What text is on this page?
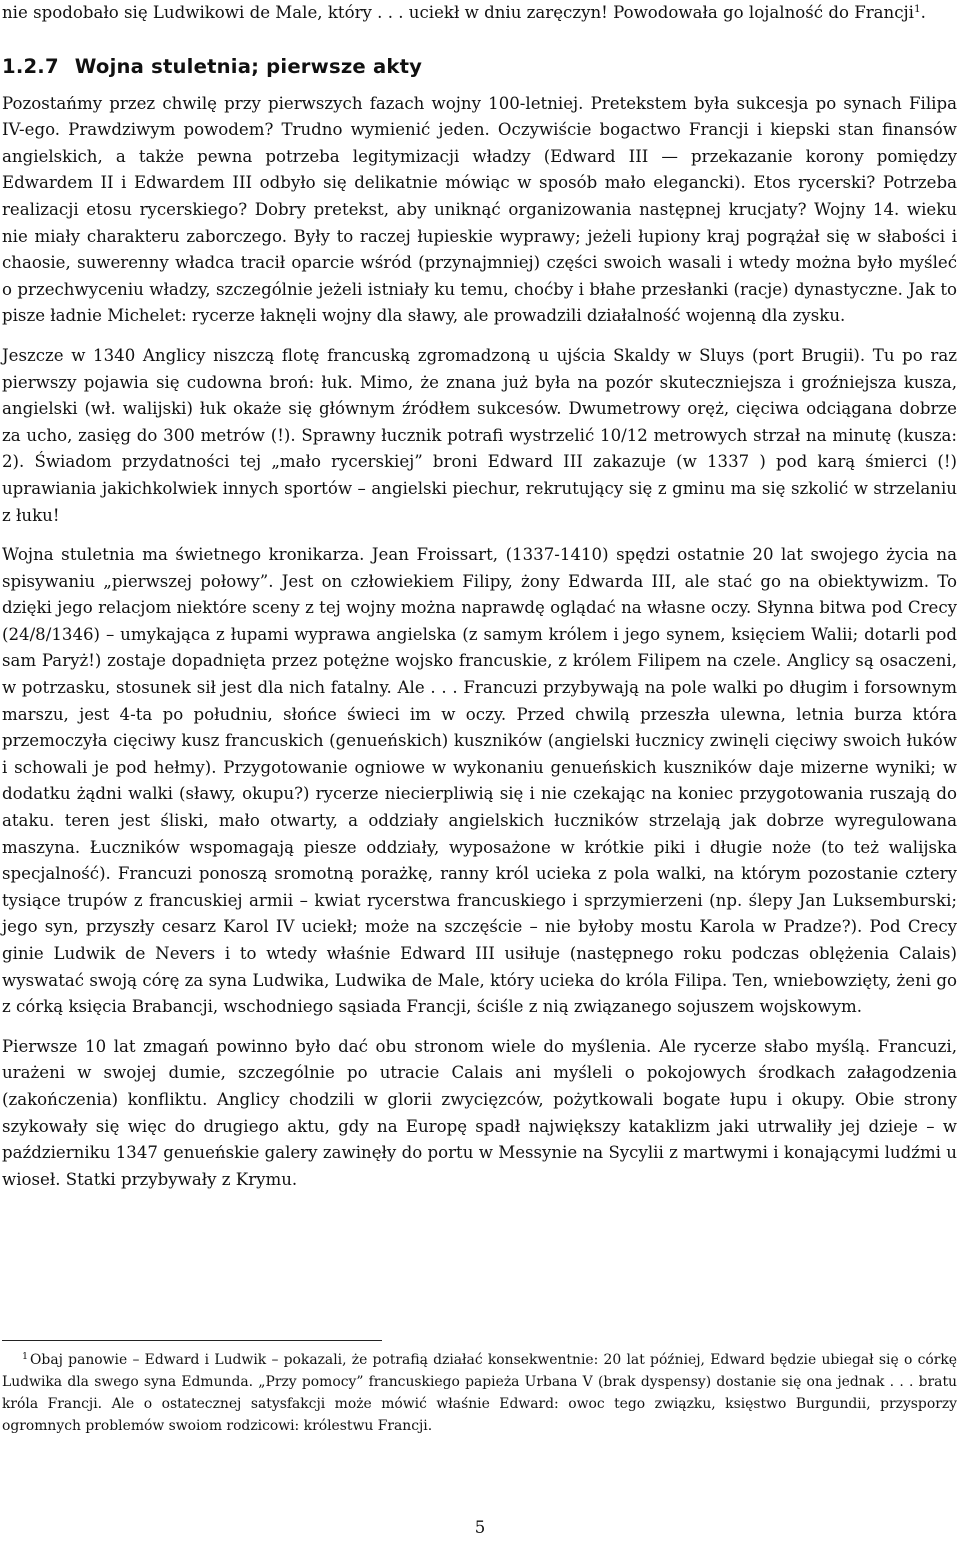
nie spodobało się Ludwikowi de Male, który . . . uciekł w dniu zaręczyn! Powodowała go lojalność do Francji$^1$.

1.2.7 Wojna stuletnia; pierwsze akty

Pozostańmy przez chwilę przy pierwszych fazach wojny 100-letniej. Pretekstem była sukcesja po synach Filipa IV-ego. Prawdziwym powodem? Trudno wymienić jeden. Oczywiście bogactwo Francji i kiepski stan finansów angielskich, a także pewna potrzeba legitymizacji władzy (Edward III — przekazanie korony pomiędzy Edwardem II i Edwardem III odbyło się delikatnie mówiąc w sposób mało elegancki). Etos rycerski? Potrzeba realizacji etosu rycerskiego? Dobry pretekst, aby uniknąć organizowania następnej krucjaty? Wojny 14. wieku nie miały charakteru zaborczego. Były to raczej łupieskie wyprawy; jeżeli łupiony kraj pogrążał się w słabości i chaosie, suwerenny władca tracił oparcie wśród (przynajmniej) części swoich wasali i wtedy można było myśleć o przechwyceniu władzy, szczególnie jeżeli istniały ku temu, choćby i błahe przesłanki (racje) dynastyczne. Jak to pisze ładnie Michelet: rycerze łaknęli wojny dla sławy, ale prowadzili działalność wojenną dla zysku.

Jeszcze w 1340 Anglicy niszczą flotę francuską zgromadzoną u ujścia Skaldy w Sluys (port Brugii). Tu po raz pierwszy pojawia się cudowna broń: łuk. Mimo, że znana już była na pozór skuteczniejsza i groźniejsza kusza, angielski (wł. walijski) łuk okaże się głównym źródłem sukcesów. Dwumetrowy oręż, cięciwa odciągana dobrze za ucho, zasięg do 300 metrów (!). Sprawny łucznik potrafi wystrzelić 10/12 metrowych strzał na minutę (kusza: 2). Świadom przydatności tej „mało rycerskiej” broni Edward III zakazuje (w 1337 ) pod karą śmierci (!) uprawiania jakichkolwiek innych sportów – angielski piechur, rekrutujący się z gminu ma się szkolić w strzelaniu z łuku!

Wojna stuletnia ma świetnego kronikarza. Jean Froissart, (1337-1410) spędzi ostatnie 20 lat swojego życia na spisywaniu „pierwszej połowy”. Jest on człowiekiem Filipy, żony Edwarda III, ale stać go na obiektywizm. To dzięki jego relacjom niektóre sceny z tej wojny można naprawdę oglądać na własne oczy. Słynna bitwa pod Crecy (24/8/1346) – umykająca z łupami wyprawa angielska (z samym królem i jego synem, księciem Walii; dotarli pod sam Paryż!) zostaje dopadnięta przez potężne wojsko francuskie, z królem Filipem na czele. Anglicy są osaczeni, w potrzasku, stosunek sił jest dla nich fatalny. Ale . . . Francuzi przybywają na pole walki po długim i forsownym marszu, jest 4-ta po południu, słońce świeci im w oczy. Przed chwilą przeszła ulewna, letnia burza która przemoczyła cięciwy kusz francuskich (genueńskich) kuszników (angielski łucznicy zwinęli cięciwy swoich łuków i schowali je pod hełmy). Przygotowanie ogniowe w wykonaniu genueńskich kuszników daje mizerne wyniki; w dodatku żądni walki (sławy, okupu?) rycerze niecierpliwią się i nie czekając na koniec przygotowania ruszają do ataku. teren jest śliski, mało otwarty, a oddziały angielskich łuczników strzelają jak dobrze wyregulowana maszyna. Łuczników wspomagają piesze oddziały, wyposażone w krótkie piki i długie noże (to też walijska specjalność). Francuzi ponoszą sromotną porażkę, ranny król ucieka z pola walki, na którym pozostanie cztery tysiące trupów z francuskiej armii – kwiat rycerstwa francuskiego i sprzymierzeni (np. ślepy Jan Luksemburski; jego syn, przyszły cesarz Karol IV uciekł; może na szczęście – nie byłoby mostu Karola w Pradze?). Pod Crecy ginie Ludwik de Nevers i to wtedy właśnie Edward III usiłuje (następnego roku podczas oblężenia Calais) wyswatać swoją córę za syna Ludwika, Ludwika de Male, który ucieka do króla Filipa. Ten, wniebowzięty, żeni go z córką księcia Brabancji, wschodniego sąsiada Francji, ściśle z nią związanego sojuszem wojskowym.

Pierwsze 10 lat zmagań powinno było dać obu stronom wiele do myślenia. Ale rycerze słabo myślą. Francuzi, urażeni w swojej dumie, szczególnie po utracie Calais ani myśleli o pokojowych środkach załagodzenia (zakończenia) konfliktu. Anglicy chodzili w glorii zwycięzców, pożytkowali bogate łupu i okupy. Obie strony szykowały się więc do drugiego aktu, gdy na Europę spadł największy kataklizm jaki utrwaliły jej dzieje – w październiku 1347 genueńskie galery zawinęły do portu w Messynie na Sycylii z martwymi i konającymi ludźmi u wioseł. Statki przybywały z Krymu.

$^1$ Obaj panowie – Edward i Ludwik – pokazali, że potrafią działać konsekwentnie: 20 lat później, Edward będzie ubiegał się o córkę Ludwika dla swego syna Edmunda. „Przy pomocy” francuskiego papieża Urbana V (brak dyspensy) dostanie się ona jednak . . . bratu króla Francji. Ale o ostatecznej satysfakcji może mówić właśnie Edward: owoc tego związku, księstwo Burgundii, przysporzy ogromnych problemów swoiom rodzicowi: królestwu Francji.
5
